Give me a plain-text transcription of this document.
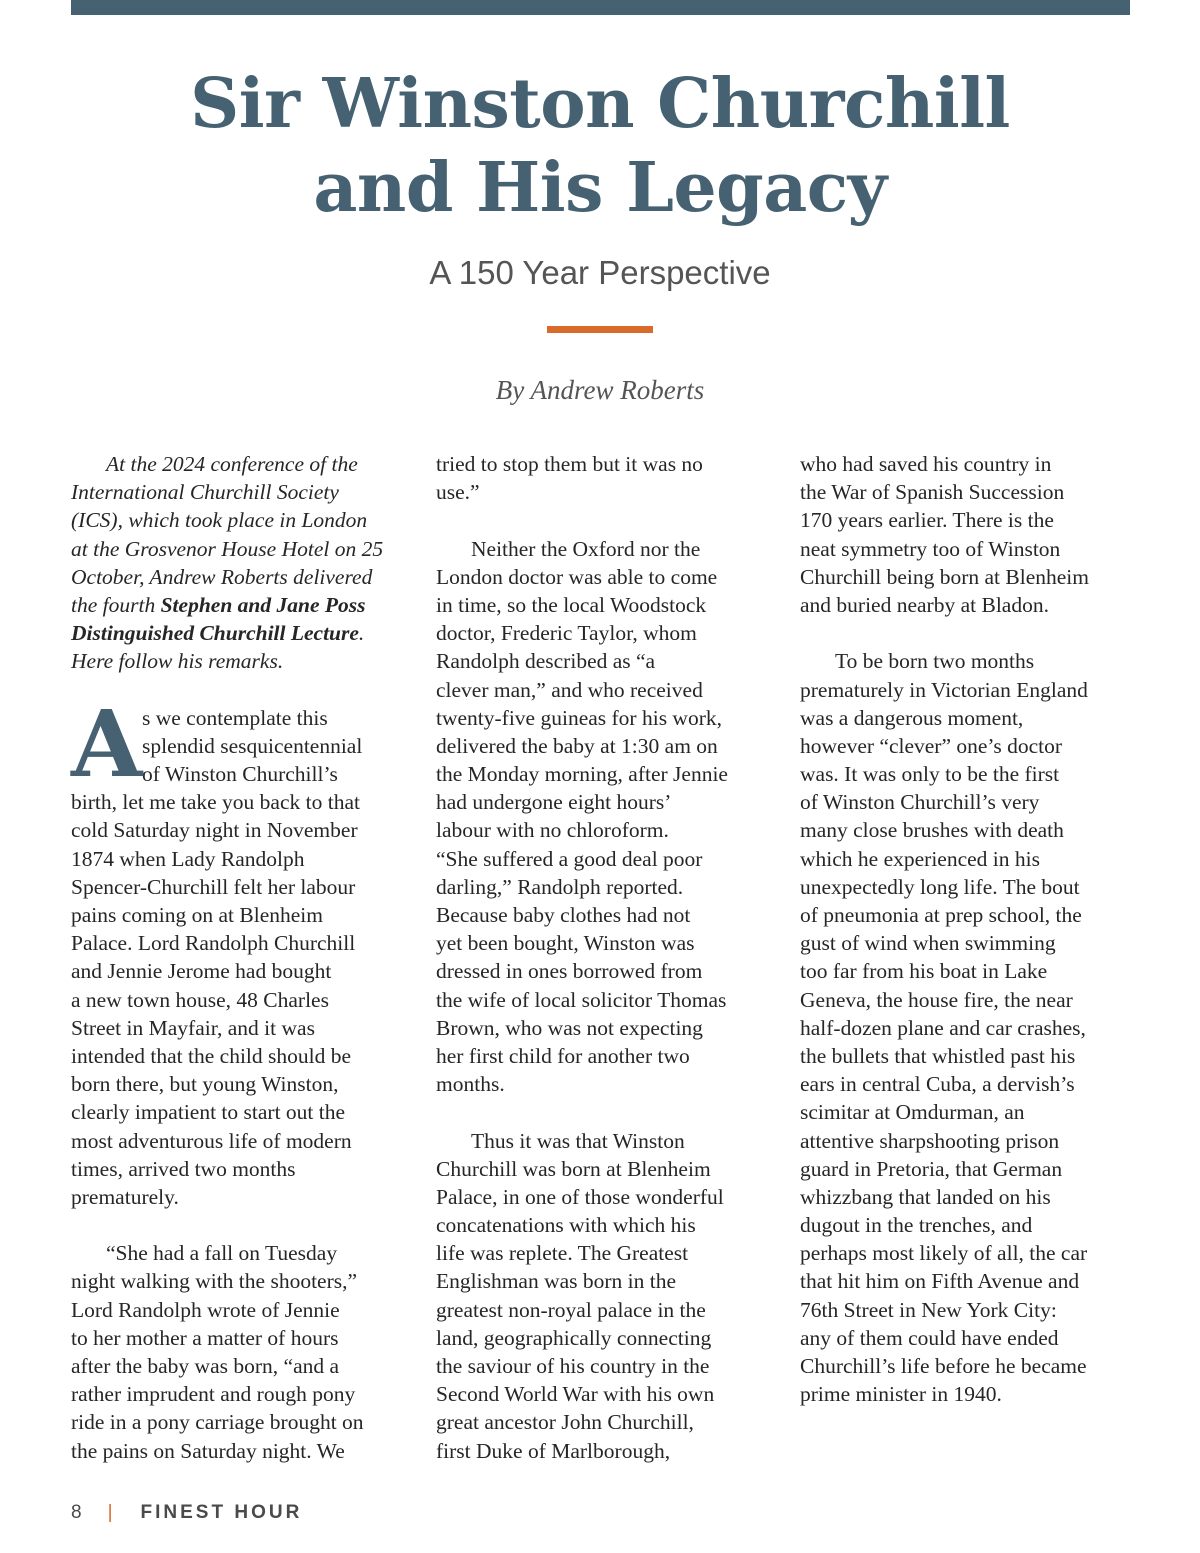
Sir Winston Churchill
and His Legacy
A 150 Year Perspective
By Andrew Roberts
At the 2024 conference of the
International Churchill Society
(ICS), which took place in London
at the Grosvenor House Hotel on 25
October, Andrew Roberts delivered
the fourth Stephen and Jane Poss
Distinguished Churchill Lecture.
Here follow his remarks.
A s we contemplate this
splendid sesquicentennial
of Winston Churchill’s
birth, let me take you back to that
cold Saturday night in November
1874 when Lady Randolph
Spencer-Churchill felt her labour
pains coming on at Blenheim
Palace. Lord Randolph Churchill
and Jennie Jerome had bought
a new town house, 48 Charles
Street in Mayfair, and it was
intended that the child should be
born there, but young Winston,
clearly impatient to start out the
most adventurous life of modern
times, arrived two months
prematurely.
“She had a fall on Tuesday
night walking with the shooters,”
Lord Randolph wrote of Jennie
to her mother a matter of hours
after the baby was born, “and a
rather imprudent and rough pony
ride in a pony carriage brought on
the pains on Saturday night. We
tried to stop them but it was no
use.”
Neither the Oxford nor the
London doctor was able to come
in time, so the local Woodstock
doctor, Frederic Taylor, whom
Randolph described as “a
clever man,” and who received
twenty-five guineas for his work,
delivered the baby at 1:30 am on
the Monday morning, after Jennie
had undergone eight hours’
labour with no chloroform.
“She suffered a good deal poor
darling,” Randolph reported.
Because baby clothes had not
yet been bought, Winston was
dressed in ones borrowed from
the wife of local solicitor Thomas
Brown, who was not expecting
her first child for another two
months.
Thus it was that Winston
Churchill was born at Blenheim
Palace, in one of those wonderful
concatenations with which his
life was replete. The Greatest
Englishman was born in the
greatest non-royal palace in the
land, geographically connecting
the saviour of his country in the
Second World War with his own
great ancestor John Churchill,
first Duke of Marlborough,
who had saved his country in
the War of Spanish Succession
170 years earlier. There is the
neat symmetry too of Winston
Churchill being born at Blenheim
and buried nearby at Bladon.
To be born two months
prematurely in Victorian England
was a dangerous moment,
however “clever” one’s doctor
was. It was only to be the first
of Winston Churchill’s very
many close brushes with death
which he experienced in his
unexpectedly long life. The bout
of pneumonia at prep school, the
gust of wind when swimming
too far from his boat in Lake
Geneva, the house fire, the near
half-dozen plane and car crashes,
the bullets that whistled past his
ears in central Cuba, a dervish’s
scimitar at Omdurman, an
attentive sharpshooting prison
guard in Pretoria, that German
whizzbang that landed on his
dugout in the trenches, and
perhaps most likely of all, the car
that hit him on Fifth Avenue and
76th Street in New York City:
any of them could have ended
Churchill’s life before he became
prime minister in 1940.
8 | FINEST HOUR
